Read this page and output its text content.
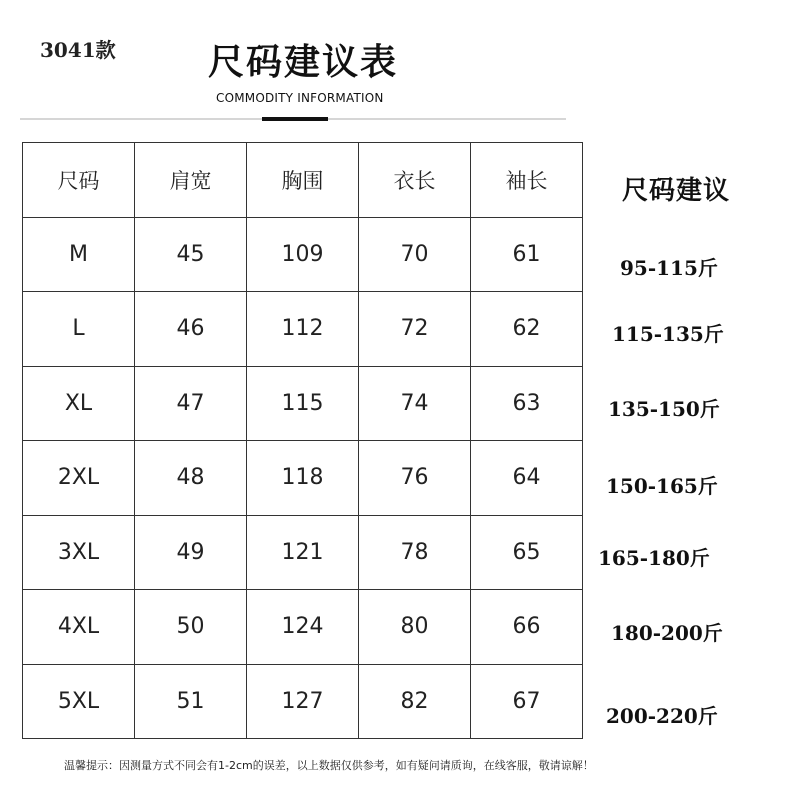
3041款	尺码建议表
COMMODITY INFORMATION
尺码	肩宽	胸围	衣长	袖长
M	45	109	70	61
L	46	112	72	62
XL	47	115	74	63
2XL	48	118	76	64
3XL	49	121	78	65
4XL	50	124	80	66
5XL	51	127	82	67
尺码建议
95-115斤
115-135斤
135-150斤
150-165斤
165-180斤
180-200斤
200-220斤
温馨提示：因测量方式不同会有1-2cm的误差，以上数据仅供参考，如有疑问请质询，在线客服，敬请谅解！
